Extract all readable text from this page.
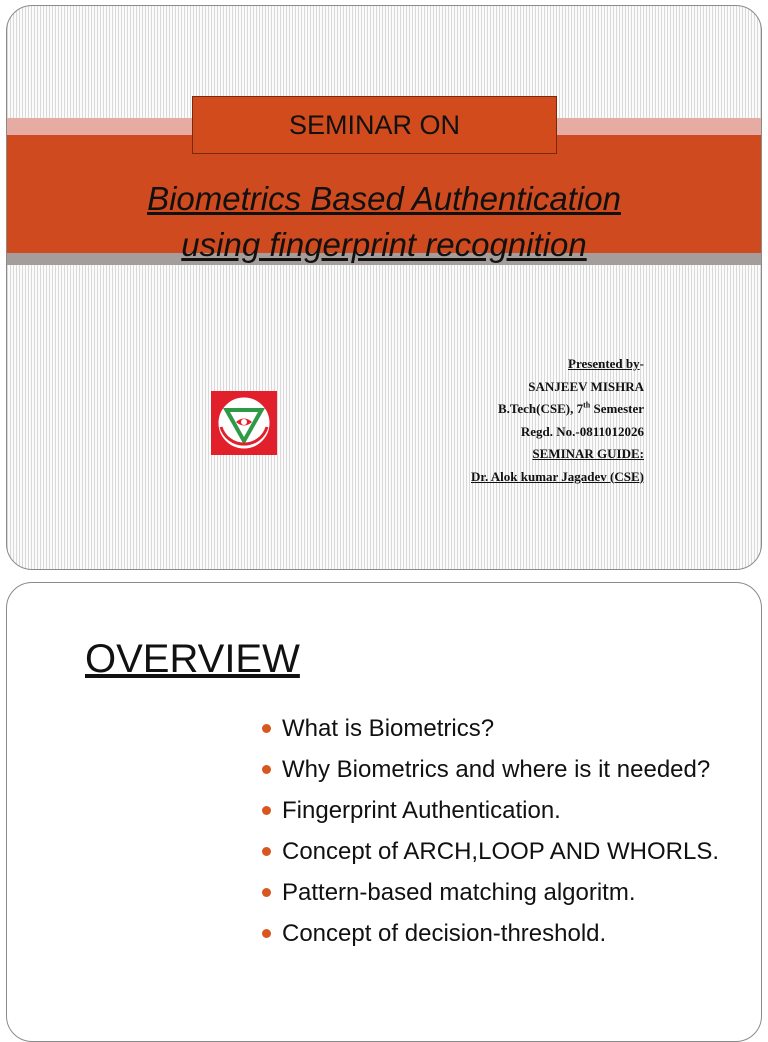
SEMINAR ON
Biometrics Based Authentication
using fingerprint recognition
Presented by-
SANJEEV MISHRA
B.Tech(CSE), 7th Semester
Regd. No.-0811012026
SEMINAR GUIDE:
Dr. Alok kumar Jagadev (CSE)
OVERVIEW
What is Biometrics?
Why Biometrics and where is it needed?
Fingerprint Authentication.
Concept of ARCH,LOOP AND WHORLS.
Pattern-based matching algoritm.
Concept of decision-threshold.
